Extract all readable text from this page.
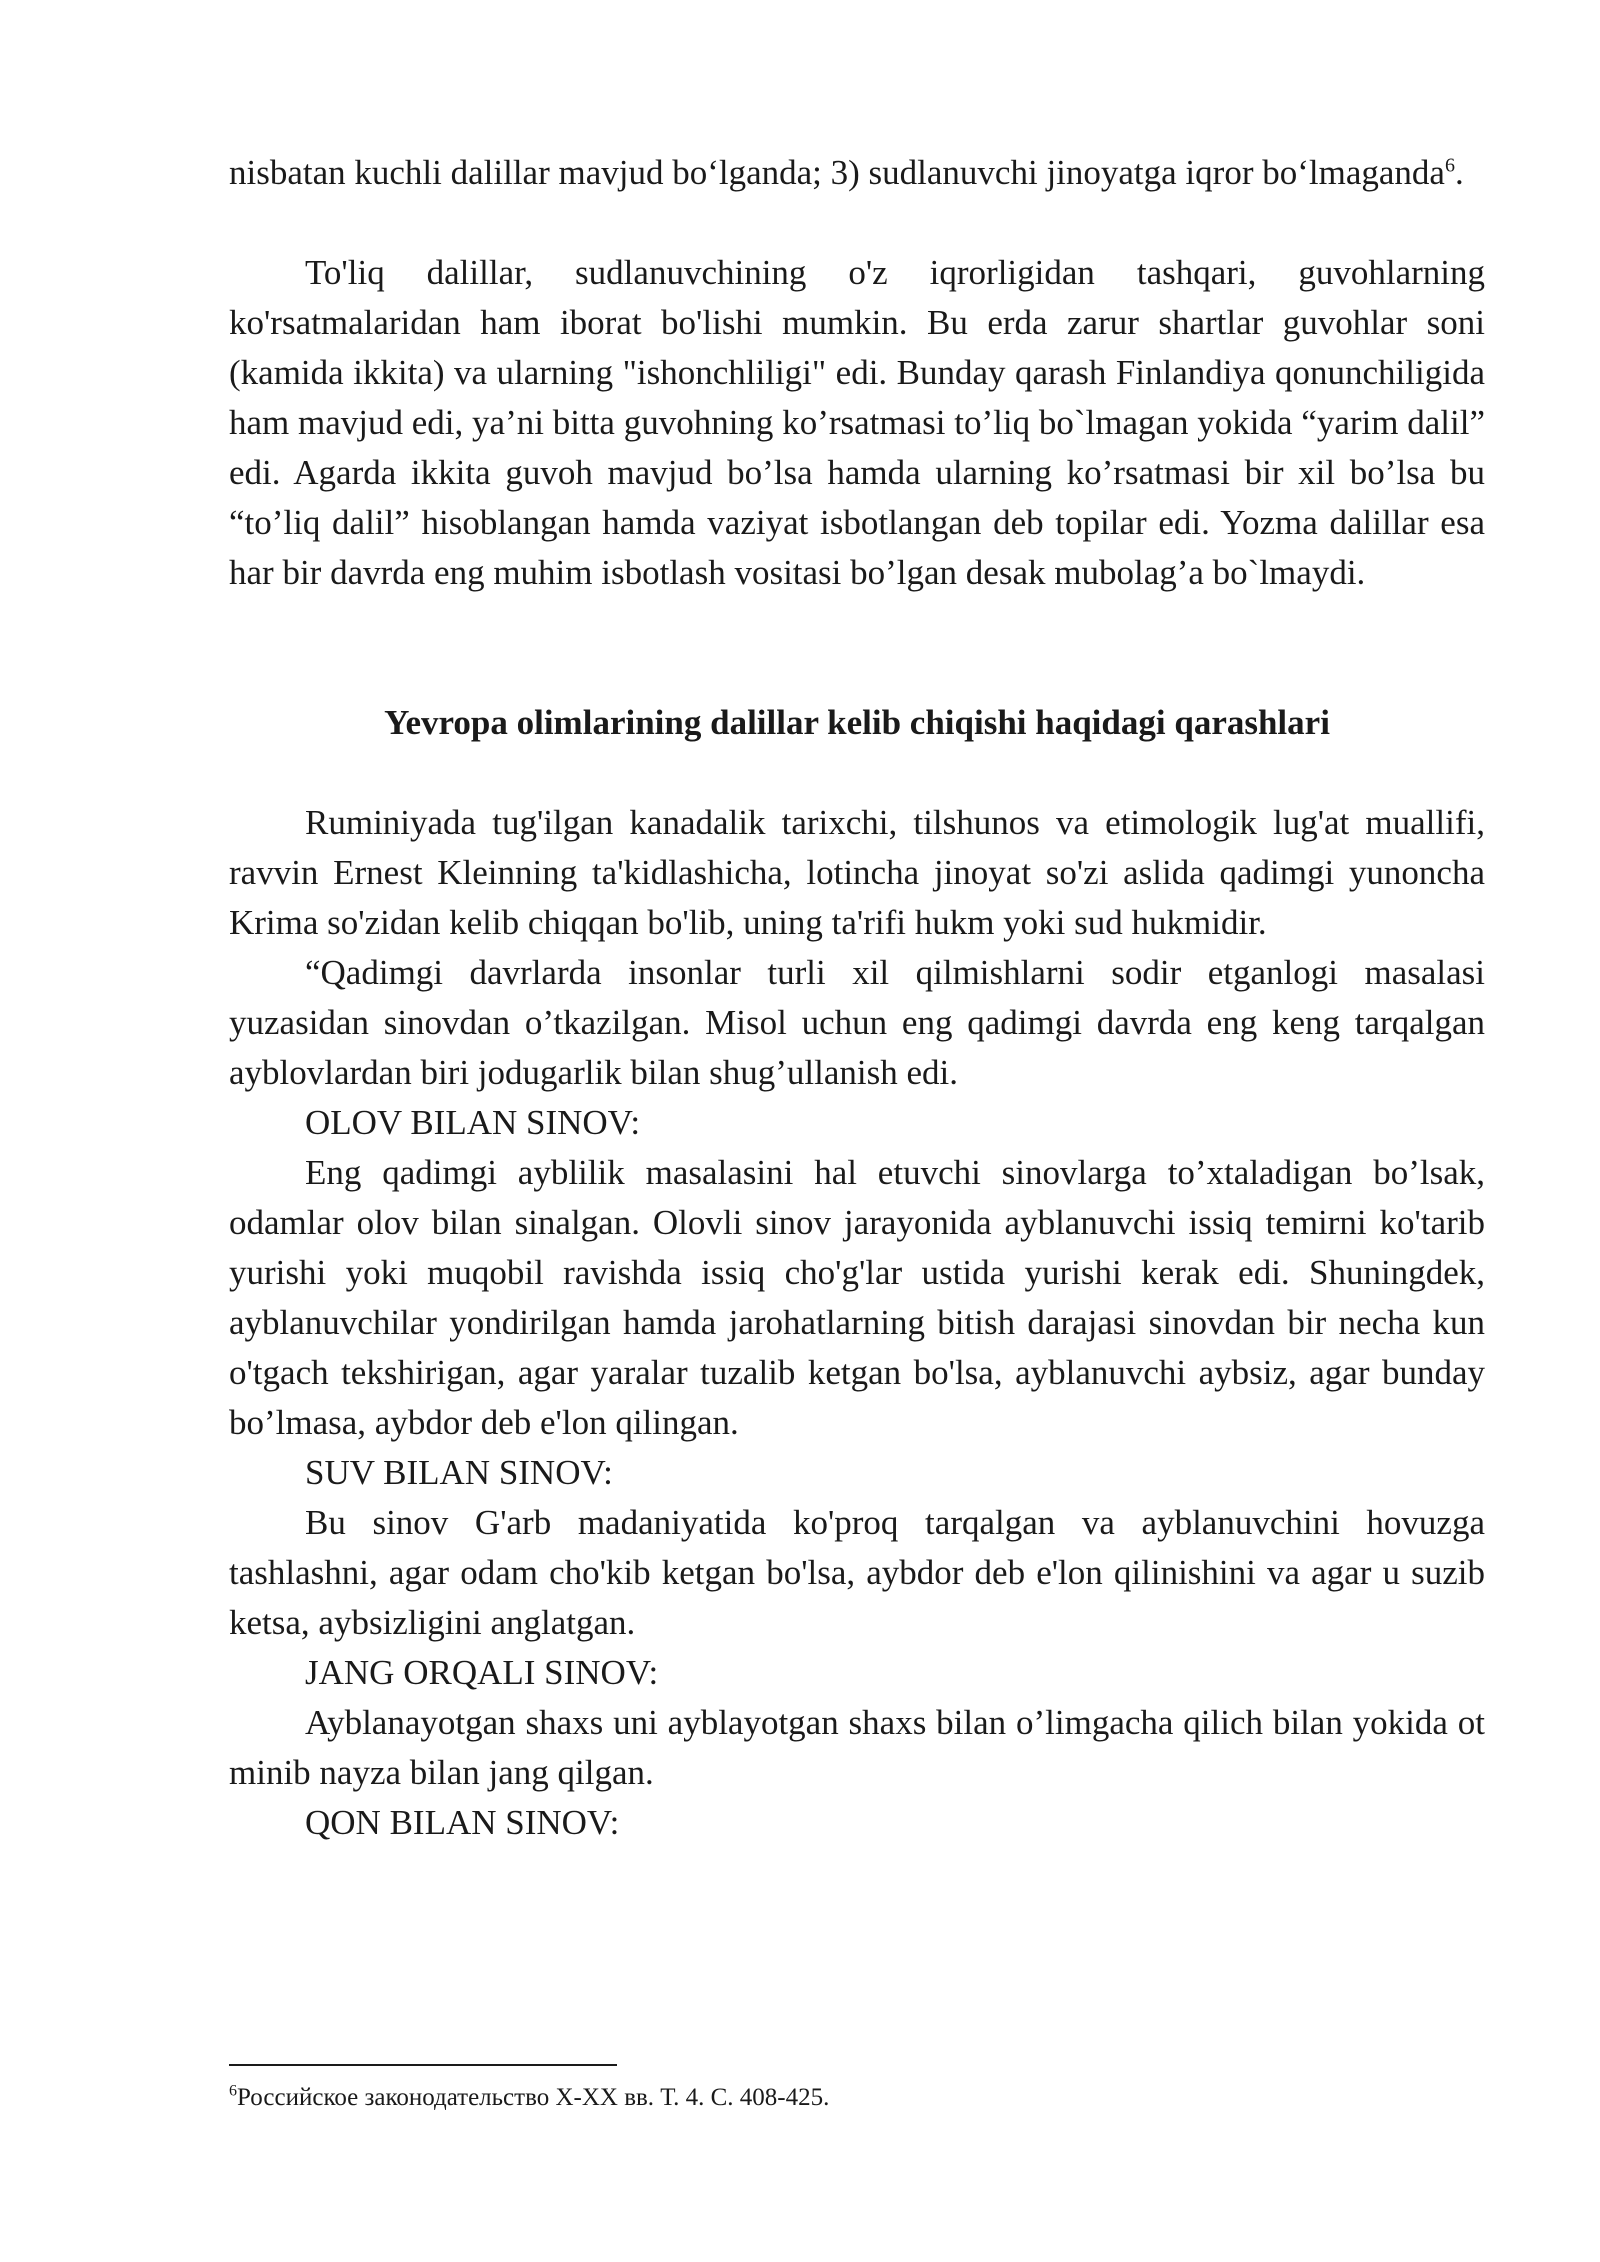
nisbatan kuchli dalillar mavjud bo‘lganda; 3) sudlanuvchi jinoyatga iqror bo‘lmaganda$^6$.

To'liq dalillar, sudlanuvchining o'z iqrorligidan tashqari, guvohlarning ko'rsatmalaridan ham iborat bo'lishi mumkin. Bu erda zarur shartlar guvohlar soni (kamida ikkita) va ularning "ishonchliligi" edi. Bunday qarash Finlandiya qonunchiligida ham mavjud edi, ya’ni bitta guvohning ko’rsatmasi to’liq bo`lmagan yokida “yarim dalil” edi. Agarda ikkita guvoh mavjud bo’lsa hamda ularning ko’rsatmasi bir xil bo’lsa bu “to’liq dalil” hisoblangan hamda vaziyat isbotlangan deb topilar edi. Yozma dalillar esa har bir davrda eng muhim isbotlash vositasi bo’lgan desak mubolag’a bo`lmaydi.

Yevropa olimlarining dalillar kelib chiqishi haqidagi qarashlari

Ruminiyada tug'ilgan kanadalik tarixchi, tilshunos va etimologik lug'at muallifi, ravvin Ernest Kleinning ta'kidlashicha, lotincha jinoyat so'zi aslida qadimgi yunoncha Krima so'zidan kelib chiqqan bo'lib, uning ta'rifi hukm yoki sud hukmidir.

“Qadimgi davrlarda insonlar turli xil qilmishlarni sodir etganlogi masalasi yuzasidan sinovdan o’tkazilgan. Misol uchun eng qadimgi davrda eng keng tarqalgan ayblovlardan biri jodugarlik bilan shug’ullanish edi.

OLOV BILAN SINOV:

Eng qadimgi ayblilik masalasini hal etuvchi sinovlarga to’xtaladigan bo’lsak, odamlar olov bilan sinalgan. Olovli sinov jarayonida ayblanuvchi issiq temirni ko'tarib yurishi yoki muqobil ravishda issiq cho'g'lar ustida yurishi kerak edi. Shuningdek, ayblanuvchilar yondirilgan hamda jarohatlarning bitish darajasi sinovdan bir necha kun o'tgach tekshirigan, agar yaralar tuzalib ketgan bo'lsa, ayblanuvchi aybsiz, agar bunday bo’lmasa, aybdor deb e'lon qilingan.

SUV BILAN SINOV:

Bu sinov G'arb madaniyatida ko'proq tarqalgan va ayblanuvchini hovuzga tashlashni, agar odam cho'kib ketgan bo'lsa, aybdor deb e'lon qilinishini va agar u suzib ketsa, aybsizligini anglatgan.

JANG ORQALI SINOV:

Ayblanayotgan shaxs uni ayblayotgan shaxs bilan o’limgacha qilich bilan yokida ot minib nayza bilan jang qilgan.

QON BILAN SINOV:

$^6$Российское законодательство X-XX вв. Т. 4. С. 408-425.
